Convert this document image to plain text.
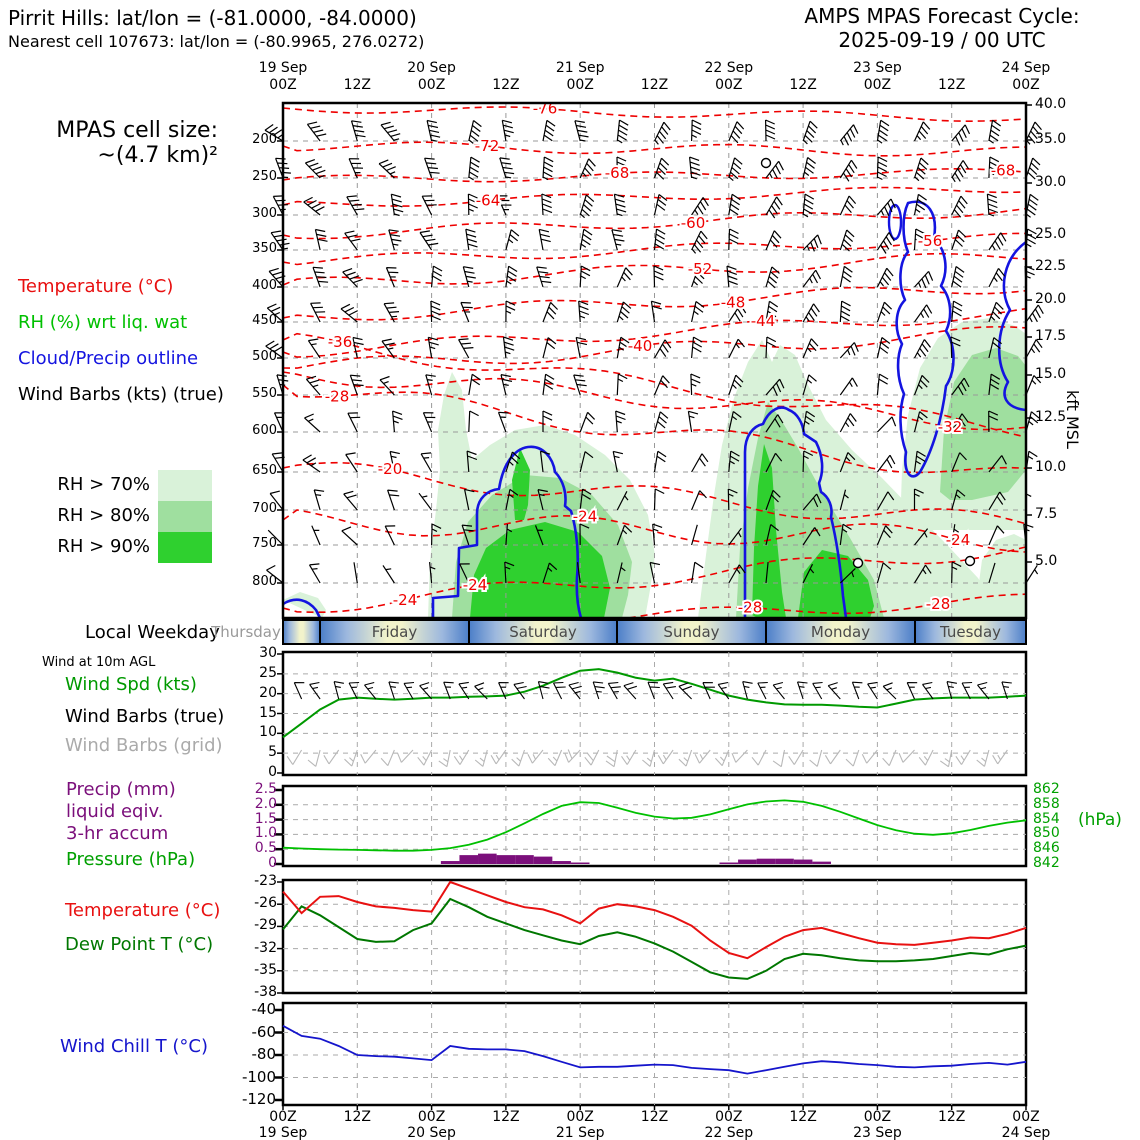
-76
-72
-68	-68
-64
-60
-56
-52
-48
-44
-40
-36
-32
-28
-20
-24
-24
-24
-24
-28	-28
Pirrit Hills: lat/lon = (-81.0000, -84.0000)
Nearest cell 107673: lat/lon = (-80.9965, 276.0272)
AMPS MPAS Forecast Cycle:
2025-09-19 / 00 UTC
MPAS cell size:
~(4.7 km)²
Temperature (°C)
RH (%) wrt liq. wat
Cloud/Precip outline
Wind Barbs (kts) (true)
RH > 70%
RH > 80%
RH > 90%
Local Weekday
kft MSL
Wind at 10m AGL
Wind Spd (kts)
Wind Barbs (true)
Wind Barbs (grid)
Precip (mm)
liquid eqiv.
3-hr accum
Pressure (hPa)
(hPa)
Temperature (°C)
Dew Point T (°C)
Wind Chill T (°C)
200
250
300
350
400
450
500
550
600
650
700
750
800
40.0
35.0
30.0
25.0
22.5
20.0
17.5
15.0
12.5
10.0
7.5
5.0
19 Sep	20 Sep	21 Sep	22 Sep	23 Sep	24 Sep
00Z	12Z	00Z	12Z	00Z	12Z	00Z	12Z	00Z	12Z	00Z
Thursday	Friday	Saturday	Sunday	Monday	Tuesday
30
25
20
15
10
5
0
2.5
2.0
1.5
1.0
0.5
0
862
858
854
850
846
842
-23
-26
-29
-32
-35
-38
-40
-60
-80
-100
-120
00Z	12Z	00Z	12Z	00Z	12Z	00Z	12Z	00Z	12Z	00Z
19 Sep	20 Sep	21 Sep	22 Sep	23 Sep	24 Sep
